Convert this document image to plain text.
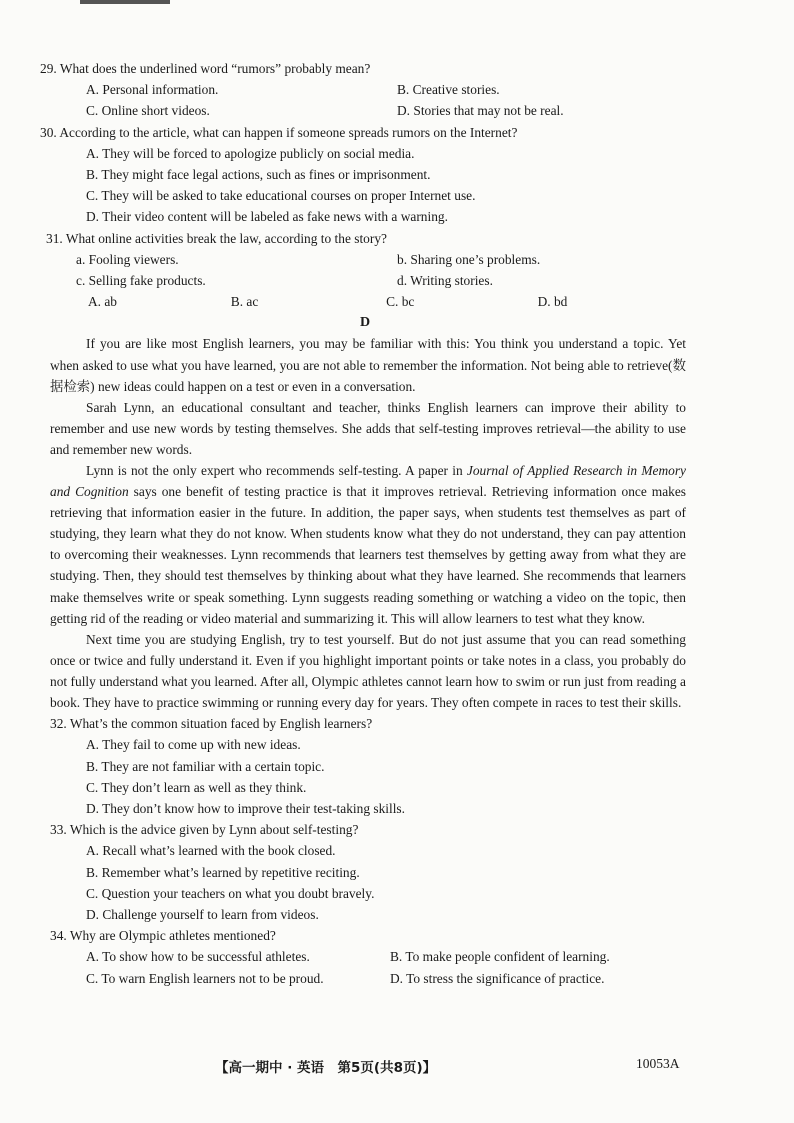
29. What does the underlined word “rumors” probably mean?
A. Personal information.	B. Creative stories.
C. Online short videos.	D. Stories that may not be real.
30. According to the article, what can happen if someone spreads rumors on the Internet?
A. They will be forced to apologize publicly on social media.
B. They might face legal actions, such as fines or imprisonment.
C. They will be asked to take educational courses on proper Internet use.
D. Their video content will be labeled as fake news with a warning.
31. What online activities break the law, according to the story?
a. Fooling viewers.	b. Sharing one’s problems.
c. Selling fake products.	d. Writing stories.
A. ab	B. ac	C. bc	D. bd
D

If you are like most English learners, you may be familiar with this: You think you understand a topic. Yet when asked to use what you have learned, you are not able to remember the information. Not being able to retrieve(数据检索) new ideas could happen on a test or even in a conversation.

Sarah Lynn, an educational consultant and teacher, thinks English learners can improve their ability to remember and use new words by testing themselves. She adds that self-testing improves retrieval—the ability to use and remember new words.

Lynn is not the only expert who recommends self-testing. A paper in Journal of Applied Research in Memory and Cognition says one benefit of testing practice is that it improves retrieval. Retrieving information once makes retrieving that information easier in the future. In addition, the paper says, when students test themselves as part of studying, they learn what they do not know. When students know what they do not understand, they can pay attention to overcoming their weaknesses. Lynn recommends that learners test themselves by getting away from what they are studying. Then, they should test themselves by thinking about what they have learned. She recommends that learners make themselves write or speak something. Lynn suggests reading something or watching a video on the topic, then getting rid of the reading or video material and summarizing it. This will allow learners to test what they know.

Next time you are studying English, try to test yourself. But do not just assume that you can read something once or twice and fully understand it. Even if you highlight important points or take notes in a class, you probably do not fully understand what you learned. After all, Olympic athletes cannot learn how to swim or run just from reading a book. They have to practice swimming or running every day for years. They often compete in races to test their skills.

32. What’s the common situation faced by English learners?
A. They fail to come up with new ideas.
B. They are not familiar with a certain topic.
C. They don’t learn as well as they think.
D. They don’t know how to improve their test-taking skills.
33. Which is the advice given by Lynn about self-testing?
A. Recall what’s learned with the book closed.
B. Remember what’s learned by repetitive reciting.
C. Question your teachers on what you doubt bravely.
D. Challenge yourself to learn from videos.
34. Why are Olympic athletes mentioned?
A. To show how to be successful athletes.	B. To make people confident of learning.
C. To warn English learners not to be proud.	D. To stress the significance of practice.
【高一期中 · 英语　第5页(共8页)】	10053A
